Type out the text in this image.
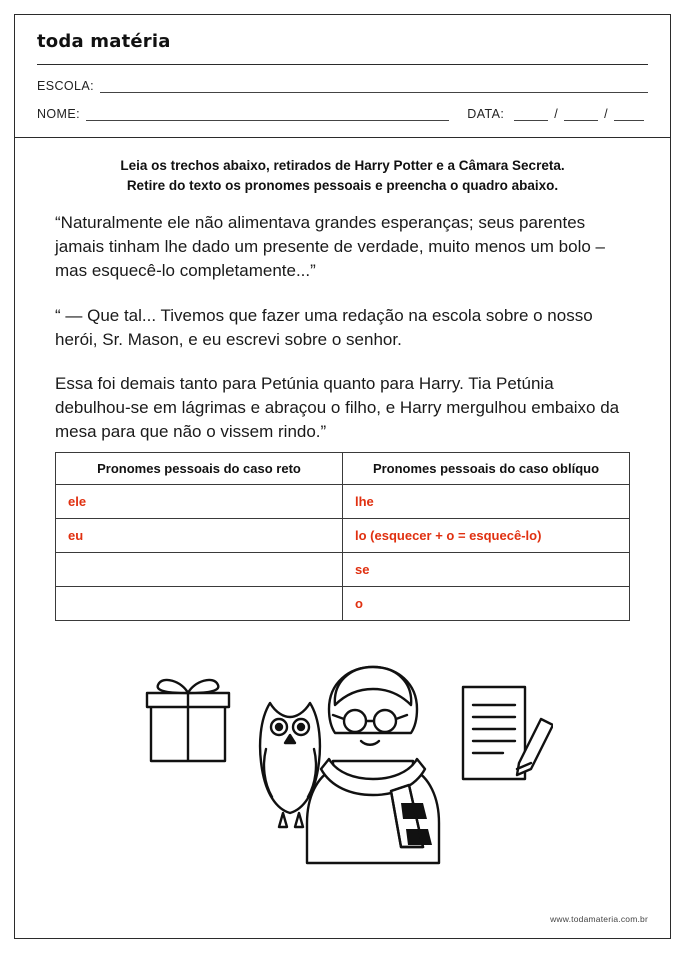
toda matéria
ESCOLA:
NOME:	DATA:	/	/
Leia os trechos abaixo, retirados de Harry Potter e a Câmara Secreta.
Retire do texto os pronomes pessoais e preencha o quadro abaixo.

“Naturalmente ele não alimentava grandes esperanças; seus parentes jamais tinham lhe dado um presente de verdade, muito menos um bolo – mas esquecê-lo completamente...”

“ — Que tal... Tivemos que fazer uma redação na escola sobre o nosso herói, Sr. Mason, e eu escrevi sobre o senhor.

Essa foi demais tanto para Petúnia quanto para Harry. Tia Petúnia debulhou-se em lágrimas e abraçou o filho, e Harry mergulhou embaixo da mesa para que não o vissem rindo.”

Pronomes pessoais do caso reto	Pronomes pessoais do caso oblíquo
ele	lhe
eu	lo (esquecer + o = esquecê-lo)
	se
	o
www.todamateria.com.br
